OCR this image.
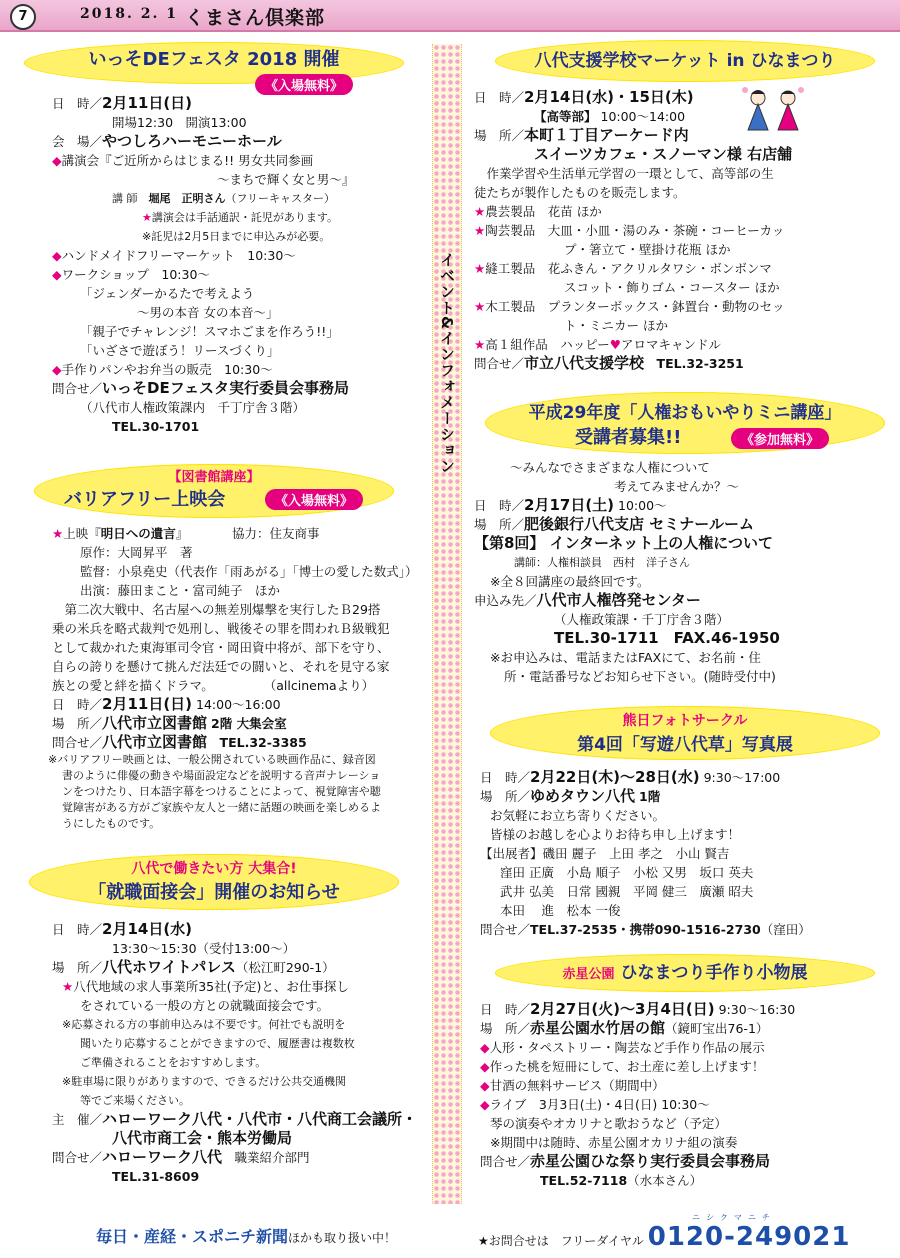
7	2018. 2. 1 くまさん倶楽部
イベント&インフォメーション
いっそDEフェスタ 2018 開催
《入場無料》
日　時／2月11日(日)
開場12:30　開演13:00
会　場／やつしろハーモニーホール
◆講演会『ご近所からはじまる!! 男女共同参画
～まちで輝く女と男～』
講 師　堀尾　正明さん（フリーキャスター）
★講演会は手話通訳・託児があります。
※託児は2月5日までに申込みが必要。
◆ハンドメイドフリーマーケット　10:30～
◆ワークショップ　10:30～
「ジェンダーかるたで考えよう
～男の本音 女の本音～」
「親子でチャレンジ！スマホごまを作ろう!!」
「いざさで遊ぼう！リースづくり」
◆手作りパンやお弁当の販売　10:30～
問合せ／いっそDEフェスタ実行委員会事務局
（八代市人権政策課内　千丁庁舎３階）
TEL.30-1701
【図書館講座】
バリアフリー上映会	《入場無料》
★上映『明日への遺言』　　　　協力：住友商事
原作：大岡昇平　著
監督：小泉堯史（代表作「雨あがる」「博士の愛した数式」）
出演：藤田まこと・富司純子　ほか
　第二次大戦中、名古屋への無差別爆撃を実行したＢ29搭
乗の米兵を略式裁判で処刑し、戦後その罪を問われＢ級戦犯
として裁かれた東海軍司令官・岡田資中将が、部下を守り、
自らの誇りを懸けて挑んだ法廷での闘いと、それを見守る家
族との愛と絆を描くドラマ。　　　　　（allcinemaより）
日　時／2月11日(日) 14:00～16:00
場　所／八代市立図書館 2階 大集会室
問合せ／八代市立図書館　 TEL.32-3385
※バリアフリー映画とは、一般公開されている映画作品に、録音図
書のように俳優の動きや場面設定などを説明する音声ナレーショ
ンをつけたり、日本語字幕をつけることによって、視覚障害や聴
覚障害がある方がご家族や友人と一緒に話題の映画を楽しめるよ
うにしたものです。
八代で働きたい方 大集合!
「就職面接会」開催のお知らせ
日　時／2月14日(水)
13:30～15:30（受付13:00～）
場　所／八代ホワイトパレス（松江町290-1）
★八代地域の求人事業所35社(予定)と、お仕事探し
をされている一般の方との就職面接会です。
※応募される方の事前申込みは不要です。何社でも説明を
聞いたり応募することができますので、履歴書は複数枚
ご準備されることをおすすめします。
※駐車場に限りがありますので、できるだけ公共交通機関
等でご来場ください。
主　催／ハローワーク八代・八代市・八代商工会議所・
八代市商工会・熊本労働局
問合せ／ハローワーク八代　職業紹介部門
TEL.31-8609
八代支援学校マーケット in ひなまつり
日　時／2月14日(水)・15日(木)
【高等部】 10:00～14:00
場　所／本町１丁目アーケード内
スイーツカフェ・スノーマン様 右店舗
　作業学習や生活単元学習の一環として、高等部の生
徒たちが製作したものを販売します。
★農芸製品　花苗 ほか
★陶芸製品　大皿・小皿・湯のみ・茶碗・コーヒーカッ
プ・箸立て・壁掛け花瓶 ほか
★縫工製品　花ふきん・アクリルタワシ・ボンボンマ
スコット・飾りゴム・コースター ほか
★木工製品　プランターボックス・鉢置台・動物のセッ
ト・ミニカー ほか
★高１組作品　ハッピー♥アロマキャンドル
問合せ／市立八代支援学校　 TEL.32-3251
平成29年度「人権おもいやりミニ講座」
受講者募集!!	《参加無料》
～みんなでさまざまな人権について
考えてみませんか？～
日　時／2月17日(土) 10:00～
場　所／肥後銀行八代支店 セミナールーム
【第8回】 インターネット上の人権について
講師：人権相談員　西村　洋子さん
※全８回講座の最終回です。
申込み先／八代市人権啓発センター
（人権政策課・千丁庁舎３階）
TEL.30-1711　FAX.46-1950
※お申込みは、電話またはFAXにて、お名前・住
所・電話番号などお知らせ下さい。(随時受付中)
熊日フォトサークル
第4回「写遊八代草」写真展
日　時／2月22日(木)～28日(水) 9:30～17:00
場　所／ゆめタウン八代 1階
お気軽にお立ち寄りください。
皆様のお越しを心よりお待ち申し上げます！
【出展者】磯田 麗子　上田 孝之　小山 賢吉
窪田 正廣　小島 順子　小松 又男　坂口 英夫
武井 弘美　日常 國親　平岡 健三　廣瀬 昭夫
本田　 進　松本 一俊
問合せ／TEL.37-2535・携帯090-1516-2730（窪田）
赤星公園 ひなまつり手作り小物展
日　時／2月27日(火)～3月4日(日) 9:30～16:30
場　所／赤星公園水竹居の館（鏡町宝出76-1）
◆人形・タペストリー・陶芸など手作り作品の展示
◆作った桃を短冊にして、お土産に差し上げます！
◆甘酒の無料サービス（期間中）
◆ライブ　3月3日(土)・4日(日) 10:30～
琴の演奏やオカリナと歌おうなど（予定）
※期間中は随時、赤星公園オカリナ組の演奏
問合せ／赤星公園ひな祭り実行委員会事務局
TEL.52-7118（水本さん）
毎日・産経・スポニチ新聞ほかも取り扱い中！
ニシクマニチ
★お問合せは　フリーダイヤル 0120-249021
